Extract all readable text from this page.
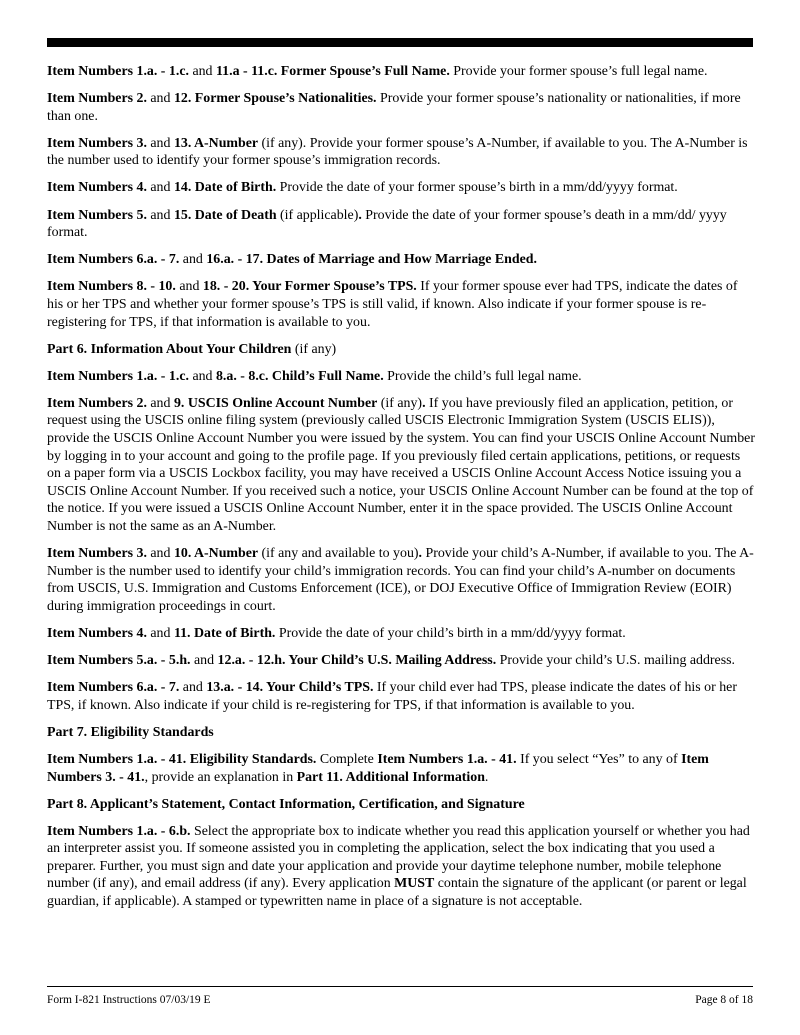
Item Numbers 1.a. - 1.c. and 11.a - 11.c. Former Spouse’s Full Name. Provide your former spouse’s full legal name.

Item Numbers 2. and 12. Former Spouse’s Nationalities. Provide your former spouse’s nationality or nationalities, if more than one.

Item Numbers 3. and 13. A-Number (if any). Provide your former spouse’s A-Number, if available to you. The A-Number is the number used to identify your former spouse’s immigration records.

Item Numbers 4. and 14. Date of Birth. Provide the date of your former spouse’s birth in a mm/dd/yyyy format.

Item Numbers 5. and 15. Date of Death (if applicable). Provide the date of your former spouse’s death in a mm/dd/ yyyy format.

Item Numbers 6.a. - 7. and 16.a. - 17. Dates of Marriage and How Marriage Ended.

Item Numbers 8. - 10. and 18. - 20. Your Former Spouse’s TPS. If your former spouse ever had TPS, indicate the dates of his or her TPS and whether your former spouse’s TPS is still valid, if known. Also indicate if your former spouse is re-registering for TPS, if that information is available to you.

Part 6. Information About Your Children (if any)

Item Numbers 1.a. - 1.c. and 8.a. - 8.c. Child’s Full Name. Provide the child’s full legal name.

Item Numbers 2. and 9. USCIS Online Account Number (if any). If you have previously filed an application, petition, or request using the USCIS online filing system (previously called USCIS Electronic Immigration System (USCIS ELIS)), provide the USCIS Online Account Number you were issued by the system. You can find your USCIS Online Account Number by logging in to your account and going to the profile page. If you previously filed certain applications, petitions, or requests on a paper form via a USCIS Lockbox facility, you may have received a USCIS Online Account Access Notice issuing you a USCIS Online Account Number. If you received such a notice, your USCIS Online Account Number can be found at the top of the notice. If you were issued a USCIS Online Account Number, enter it in the space provided. The USCIS Online Account Number is not the same as an A-Number.

Item Numbers 3. and 10. A-Number (if any and available to you). Provide your child’s A-Number, if available to you. The A-Number is the number used to identify your child’s immigration records. You can find your child’s A-number on documents from USCIS, U.S. Immigration and Customs Enforcement (ICE), or DOJ Executive Office of Immigration Review (EOIR) during immigration proceedings in court.

Item Numbers 4. and 11. Date of Birth. Provide the date of your child’s birth in a mm/dd/yyyy format.

Item Numbers 5.a. - 5.h. and 12.a. - 12.h. Your Child’s U.S. Mailing Address. Provide your child’s U.S. mailing address.

Item Numbers 6.a. - 7. and 13.a. - 14. Your Child’s TPS. If your child ever had TPS, please indicate the dates of his or her TPS, if known. Also indicate if your child is re-registering for TPS, if that information is available to you.

Part 7. Eligibility Standards

Item Numbers 1.a. - 41. Eligibility Standards. Complete Item Numbers 1.a. - 41. If you select “Yes” to any of Item Numbers 3. - 41., provide an explanation in Part 11. Additional Information.

Part 8. Applicant’s Statement, Contact Information, Certification, and Signature

Item Numbers 1.a. - 6.b. Select the appropriate box to indicate whether you read this application yourself or whether you had an interpreter assist you. If someone assisted you in completing the application, select the box indicating that you used a preparer. Further, you must sign and date your application and provide your daytime telephone number, mobile telephone number (if any), and email address (if any). Every application MUST contain the signature of the applicant (or parent or legal guardian, if applicable). A stamped or typewritten name in place of a signature is not acceptable.

Form I-821 Instructions 07/03/19 E	Page 8 of 18
